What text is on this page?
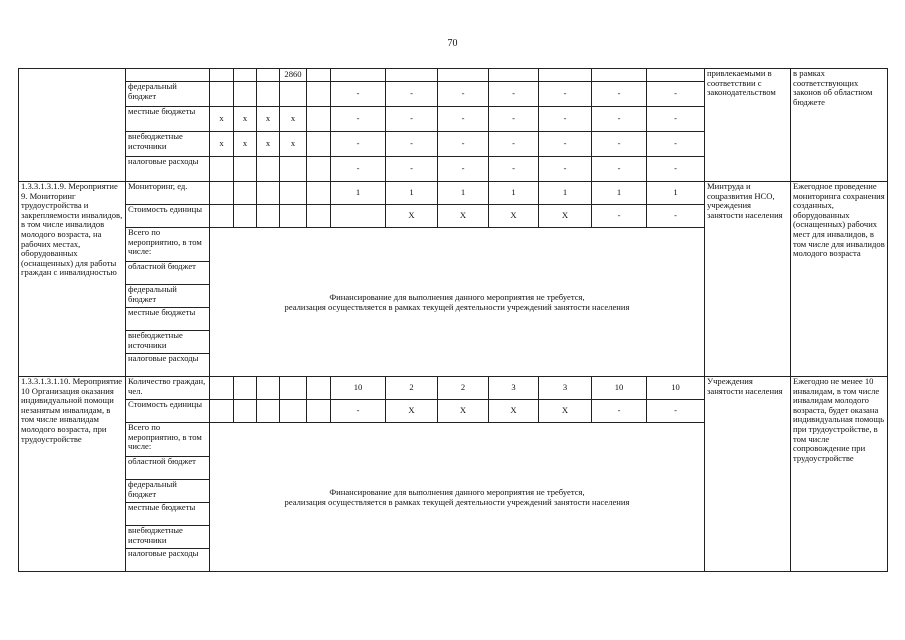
70
					2860									привлекаемыми в соответствии с законодательством	в рамках соответствующих законов об областном бюджете
	федеральный бюджет						-	-	-	-	-	-	-		
	местные бюджеты	x	x	x	x		-	-	-	-	-	-	-		
	внебюджетные источники	x	x	x	x		-	-	-	-	-	-	-		
	налоговые расходы						-	-	-	-	-	-	-		
1.3.3.1.3.1.9. Мероприятие 9. Мониторинг трудоустройства и закрепляемости инвалидов, в том числе инвалидов молодого возраста, на рабочих местах, оборудованных (оснащенных) для работы граждан с инвалидностью	Мониторинг, ед.						1	1	1	1	1	1	1	Минтруда и соцразвития НСО, учреждения занятости населения	Ежегодное проведение мониторинга сохранения созданных, оборудованных (оснащенных) рабочих мест для инвалидов, в том числе для инвалидов молодого возраста
	Стоимость единицы							X	X	X	X	-	-		
	Всего по мероприятию, в том числе:	Финансирование для выполнения данного мероприятия не требуется,
реализация осуществляется в рамках текущей деятельности учреждений занятости населения													

	областной бюджет														
	федеральный бюджет														
	местные бюджеты														
	внебюджетные источники														
	налоговые расходы														
1.3.3.1.3.1.10. Мероприятие 10 Организация оказания индивидуальной помощи незанятым инвалидам, в том числе инвалидам молодого возраста, при трудоустройстве	Количество граждан, чел.						10	2	2	3	3	10	10	Учреждения занятости населения	Ежегодно не менее 10 инвалидам, в том числе инвалидам молодого возраста, будет оказана индивидуальная помощь при трудоустройстве, в том числе сопровождение при трудоустройстве
	Стоимость единицы						-	X	X	X	X	-	-		
	Всего по мероприятию, в том числе:	Финансирование для выполнения данного мероприятия не требуется,
реализация осуществляется в рамках текущей деятельности учреждений занятости населения													

	областной бюджет														
	федеральный бюджет														
	местные бюджеты														
	внебюджетные источники														
	налоговые расходы														
